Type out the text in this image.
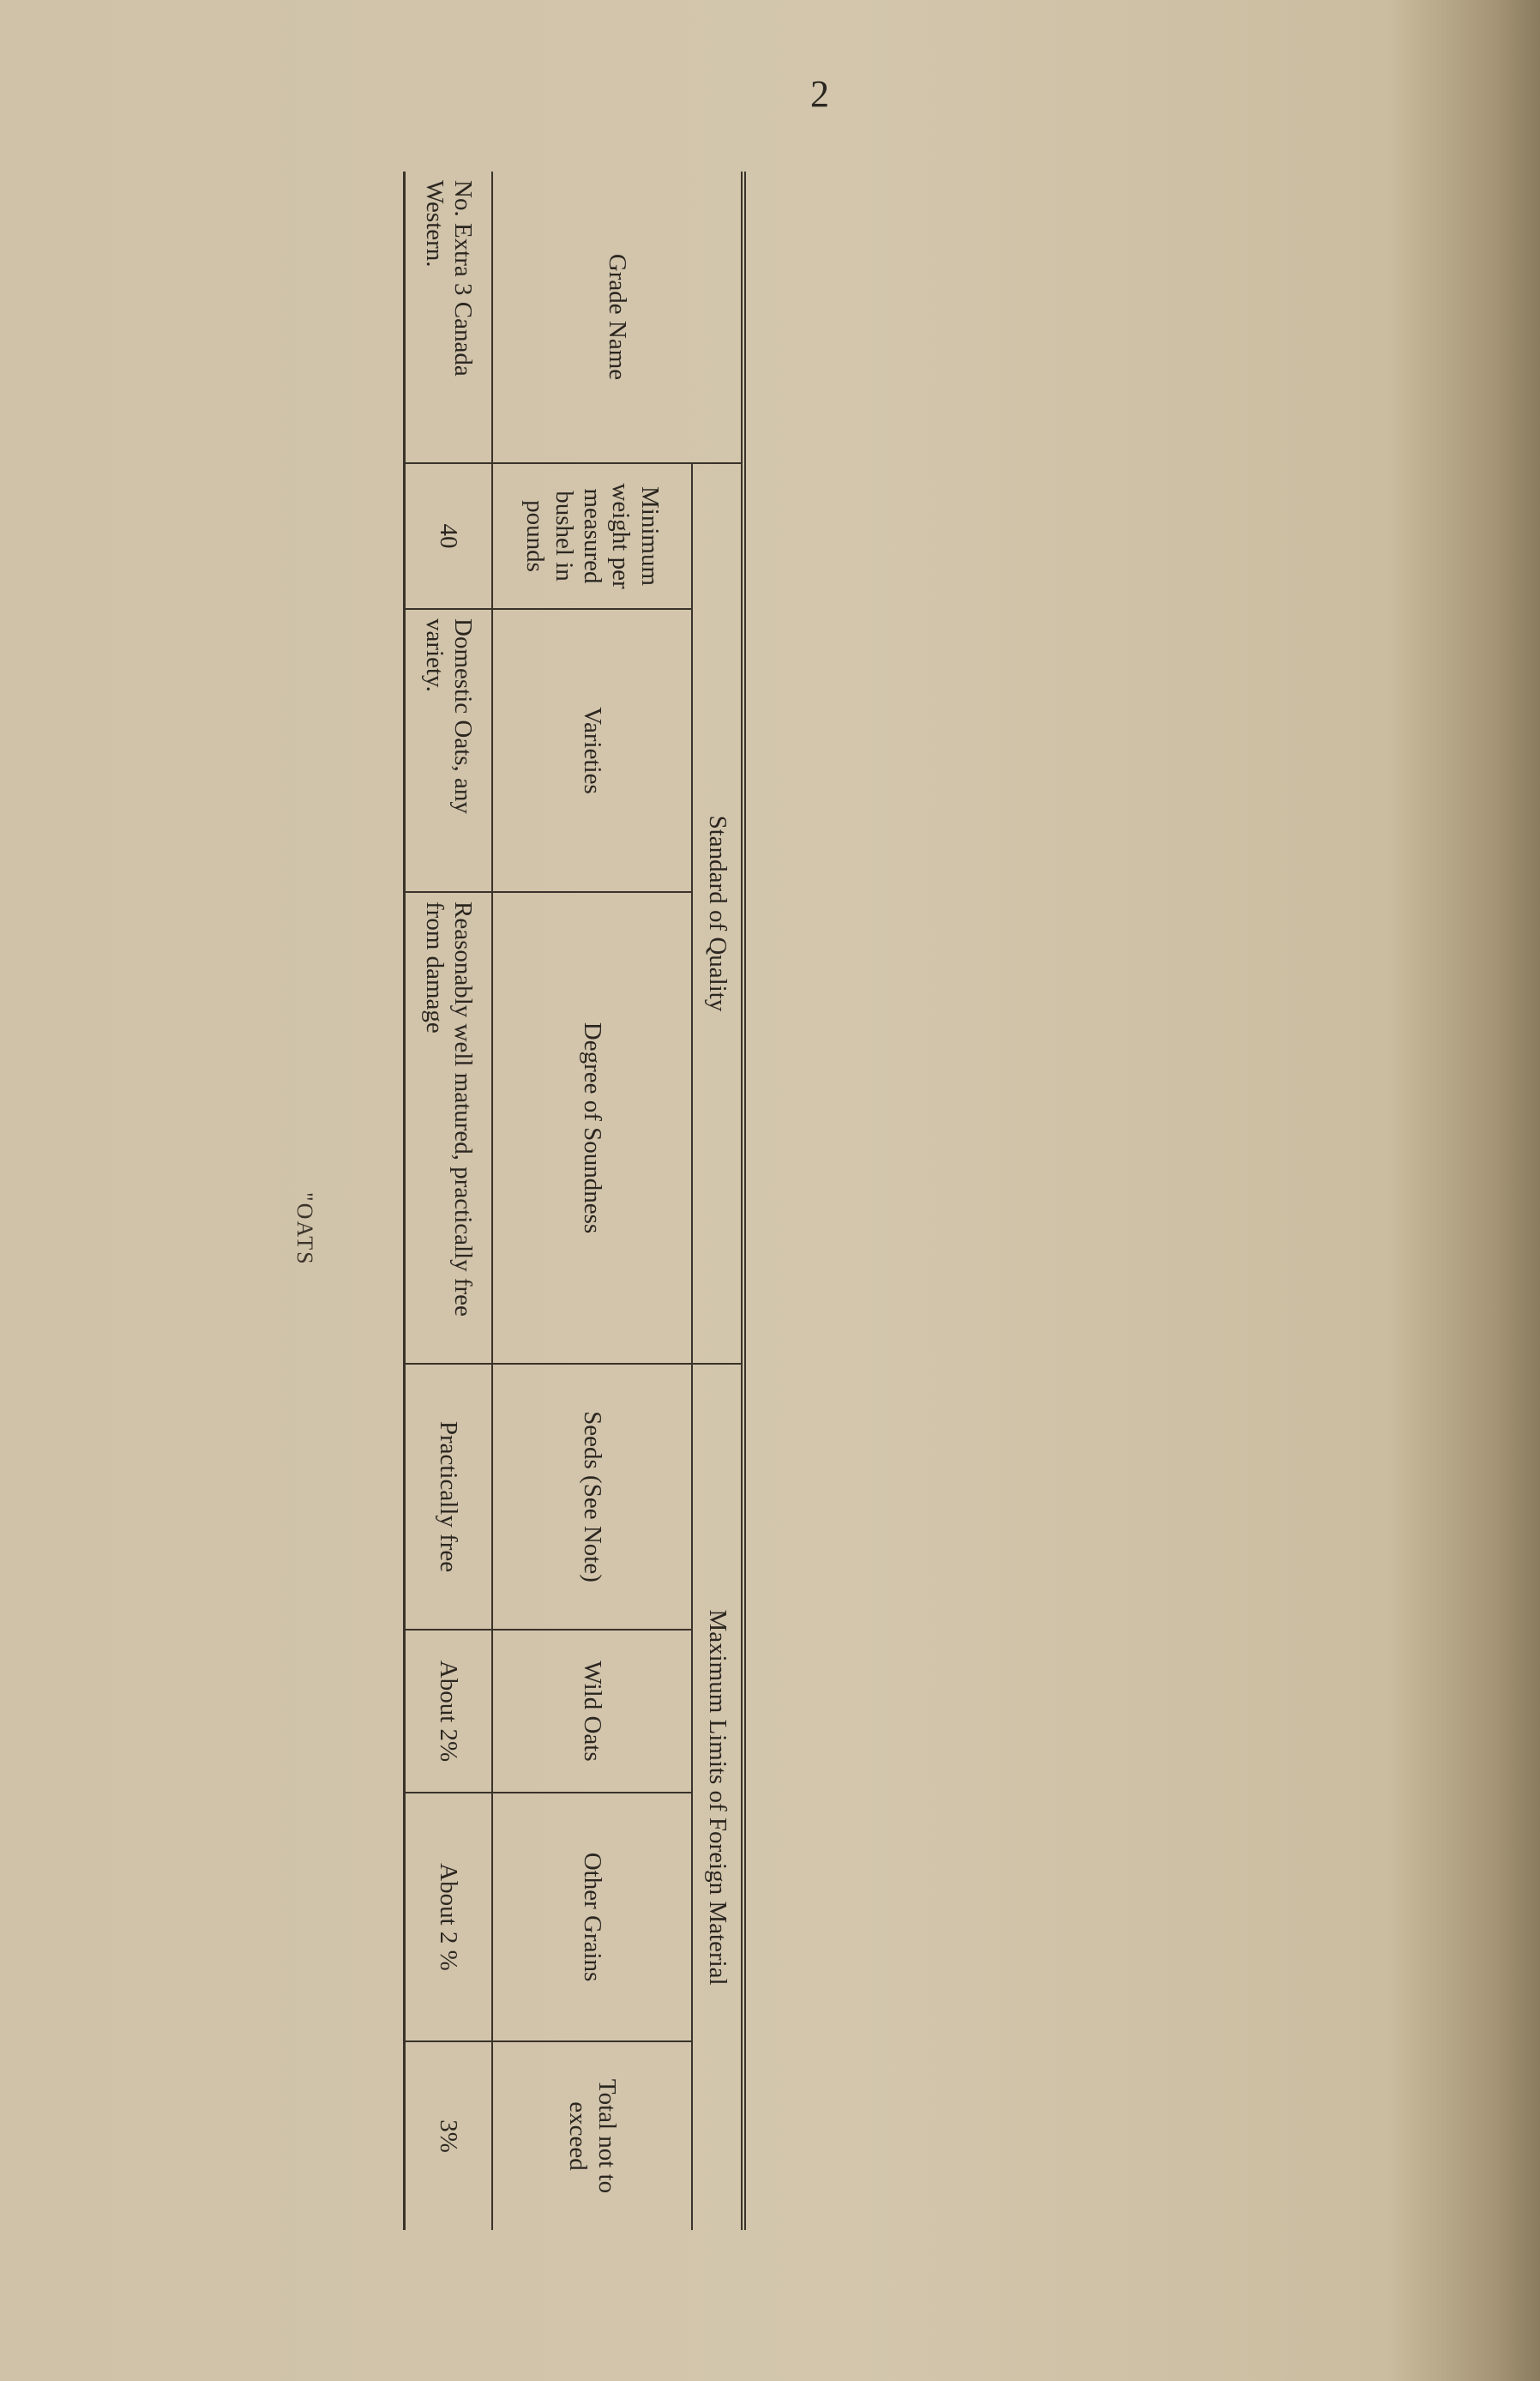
2
"OATS
Grade Name	Standard of Quality			Maximum Limits of Foreign Material			
	Minimum weight per measured bushel in pounds	Varieties	Degree of Soundness	Seeds (See Note)	Wild Oats	Other Grains	Total not to exceed
No. Extra 3 Canada Western.	40	Domestic Oats, any variety.	Reasonably well matured, practically free from damage	Practically free	About 2%	About 2 %	3%
